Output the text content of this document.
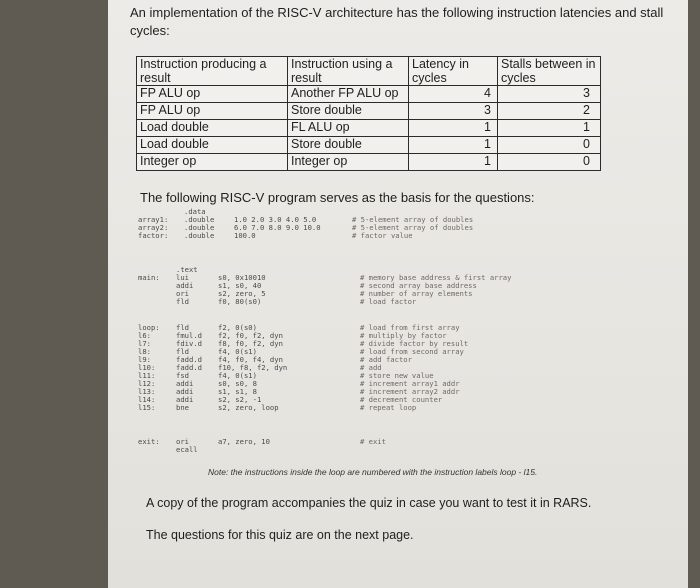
An implementation of the RISC-V architecture has the following instruction latencies and stall cycles:
Instruction producing a result	Instruction using a result	Latency in cycles	Stalls between in cycles
FP ALU op	Another FP ALU op	4	3
FP ALU op	Store double	3	2
Load double	FL ALU op	1	1
Load double	Store double	1	0
Integer op	Integer op	1	0
The following RISC-V program serves as the basis for the questions:
.data
array1: .double	1.0 2.0 3.0 4.0 5.0	# 5-element array of doubles
array2: .double	6.0 7.0 8.0 9.0 10.0	# 5-element array of doubles
factor: .double	100.0	# factor value
.text
main: lui	s0, 0x10010	# memory base address & first array
addi	s1, s0, 40	# second array base address
ori	s2, zero, 5	# number of array elements
fld	f0, 80(s0)	# load factor
loop: fld	f2, 0(s0)	# load from first array
l6:	fmul.d f2, f0, f2, dyn	# multiply by factor
l7:	fdiv.d f8, f0, f2, dyn	# divide factor by result
l8:	fld	f4, 0(s1)	# load from second array
l9:	fadd.d f4, f0, f4, dyn	# add factor
l10:	fadd.d f10, f8, f2, dyn	# add
l11:	fsd	f4, 0(s1)	# store new value
l12:	addi	s0, s0, 8	# increment array1 addr
l13:	addi	s1, s1, 8	# increment array2 addr
l14:	addi	s2, s2, -1	# decrement counter
l15:	bne	s2, zero, loop	# repeat loop
exit: ori	a7, zero, 10	# exit
ecall
Note: the instructions inside the loop are numbered with the instruction labels loop - l15.
A copy of the program accompanies the quiz in case you want to test it in RARS.
The questions for this quiz are on the next page.
